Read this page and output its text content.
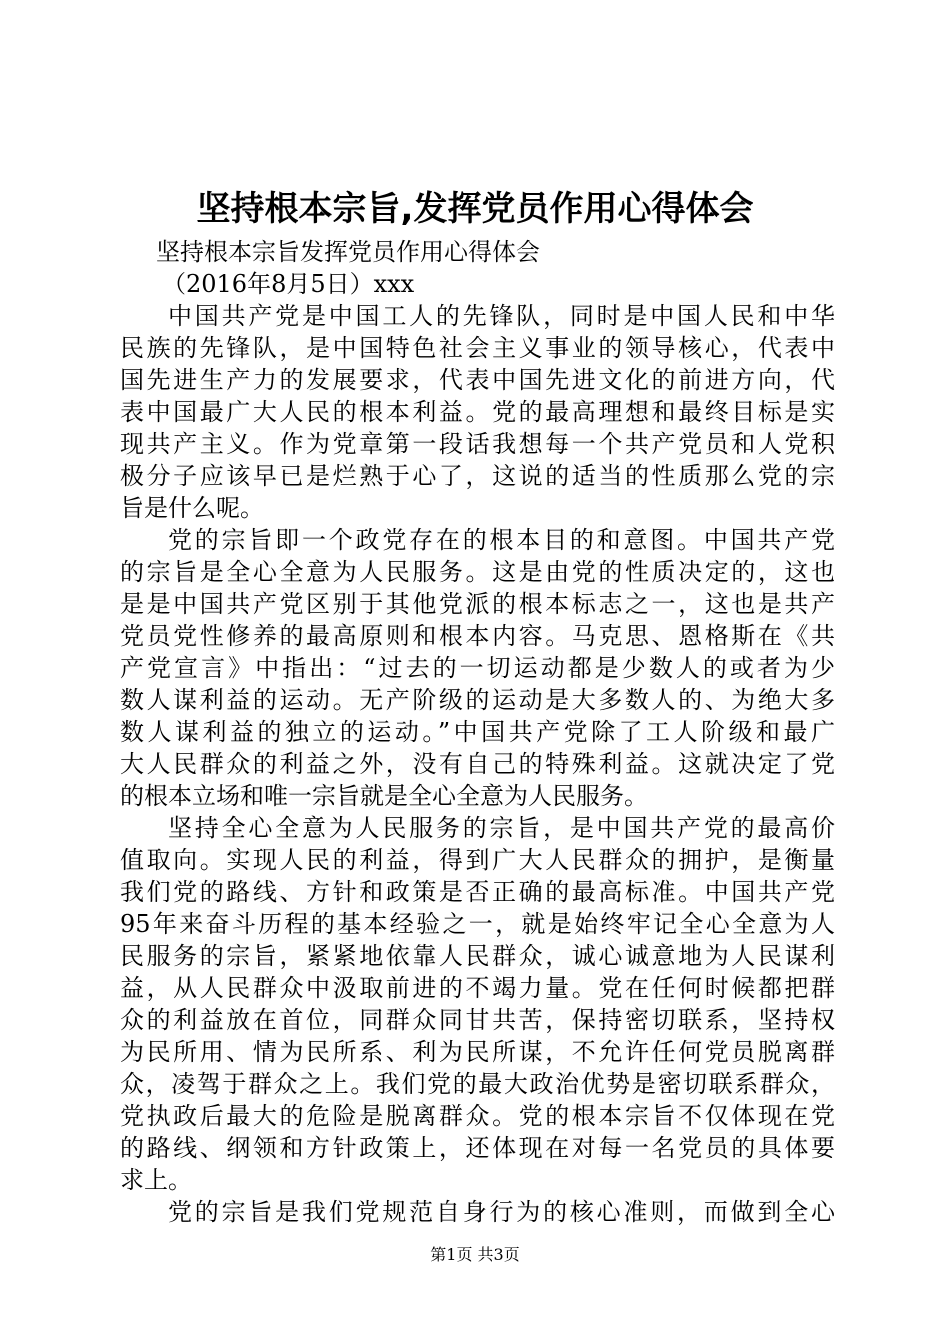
坚持根本宗旨,发挥党员作用心得体会
坚持根本宗旨发挥党员作用心得体会
（2016年8月5日）xxx
中国共产党是中国工人的先锋队，同时是中国人民和中华
民族的先锋队，是中国特色社会主义事业的领导核心，代表中
国先进生产力的发展要求，代表中国先进文化的前进方向，代
表中国最广大人民的根本利益。党的最高理想和最终目标是实
现共产主义。作为党章第一段话我想每一个共产党员和人党积
极分子应该早已是烂熟于心了，这说的适当的性质那么党的宗
旨是什么呢。
党的宗旨即一个政党存在的根本目的和意图。中国共产党
的宗旨是全心全意为人民服务。这是由党的性质决定的，这也
是是中国共产党区别于其他党派的根本标志之一，这也是共产
党员党性修养的最高原则和根本内容。马克思、恩格斯在《共
产党宣言》中指出：“过去的一切运动都是少数人的或者为少
数人谋利益的运动。无产阶级的运动是大多数人的、为绝大多
数人谋利益的独立的运动。”中国共产党除了工人阶级和最广
大人民群众的利益之外，没有自己的特殊利益。这就决定了党
的根本立场和唯一宗旨就是全心全意为人民服务。
坚持全心全意为人民服务的宗旨，是中国共产党的最高价
值取向。实现人民的利益，得到广大人民群众的拥护，是衡量
我们党的路线、方针和政策是否正确的最高标准。中国共产党
95年来奋斗历程的基本经验之一，就是始终牢记全心全意为人
民服务的宗旨，紧紧地依靠人民群众，诚心诚意地为人民谋利
益，从人民群众中汲取前进的不竭力量。党在任何时候都把群
众的利益放在首位，同群众同甘共苦，保持密切联系，坚持权
为民所用、情为民所系、利为民所谋，不允许任何党员脱离群
众，凌驾于群众之上。我们党的最大政治优势是密切联系群众，
党执政后最大的危险是脱离群众。党的根本宗旨不仅体现在党
的路线、纲领和方针政策上，还体现在对每一名党员的具体要
求上。
党的宗旨是我们党规范自身行为的核心准则，而做到全心
第1页 共3页
